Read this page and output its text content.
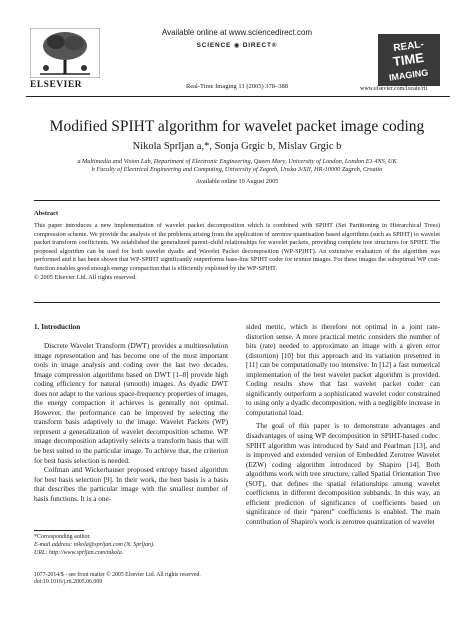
ELSEVIER
Available online at www.sciencedirect.com
SCIENCE ◉ DIRECT®
Real-Time Imaging 11 (2005) 378–388
REAL-
TIME
IMAGING
www.elsevier.com/locate/rti
Modified SPIHT algorithm for wavelet packet image coding
Nikola Sprljan a,*, Sonja Grgic b, Mislav Grgic b
a Multimedia and Vision Lab, Department of Electronic Engineering, Queen Mary, University of London, London E1 4NS, UK
b Faculty of Electrical Engineering and Computing, University of Zagreb, Unska 3/XII, HR-10000 Zagreb, Croatia
Available online 10 August 2005
Abstract
This paper introduces a new implementation of wavelet packet decomposition which is combined with SPIHT (Set Partitioning in Hierarchical Trees) compression scheme. We provide the analysis of the problems arising from the application of zerotree quantisation based algorithms (such as SPIHT) to wavelet packet transform coefficients. We established the generalized parent–child relationships for wavelet packets, providing complete tree structures for SPIHT. The proposed algorithm can be used for both wavelet dyadic and Wavelet Packet decomposition (WP-SPIHT). An extensive evaluation of the algorithm was performed and it has been shown that WP-SPIHT significantly outperforms base-line SPIHT coder for texture images. For these images the suboptimal WP cost-function enables good enough energy compaction that is efficiently exploited by the WP-SPIHT.
© 2005 Elsevier Ltd. All rights reserved.
1. Introduction

Discrete Wavelet Transform (DWT) provides a multiresolution image representation and has become one of the most important tools in image analysis and coding over the last two decades. Image compression algorithms based on DWT [1–8] provide high coding efficiency for natural (smooth) images. As dyadic DWT does not adapt to the various space-frequency properties of images, the energy compaction it achieves is generally not optimal. However, the performance can be improved by selecting the transform basis adaptively to the image. Wavelet Packets (WP) represent a generalization of wavelet decomposition scheme. WP image decomposition adaptively selects a transform basis that will be best suited to the particular image. To achieve that, the criterion for best basis selection is needed.

Coifman and Wickerhauser proposed entropy based algorithm for best basis selection [9]. In their work, the best basis is a basis that describes the particular image with the smallest number of basis functions. It is a one-

*Corresponding author.
E-mail address: nikola@sprljan.com (N. Sprljan).
URL: http://www.sprljan.com/nikola.
1077-2014/$ - see front matter © 2005 Elsevier Ltd. All rights reserved.
doi:10.1016/j.rti.2005.06.009

sided metric, which is therefore not optimal in a joint rate-distortion sense. A more practical metric considers the number of bits (rate) needed to approximate an image with a given error (distortion) [10] but this approach and its variation presented in [11] can be computationally too intensive. In [12] a fast numerical implementation of the best wavelet packet algorithm is provided. Coding results show that fast wavelet packet coder can significantly outperform a sophisticated wavelet coder constrained to using only a dyadic decomposition, with a negligible increase in computational load.

The goal of this paper is to demonstrate advantages and disadvantages of using WP decomposition in SPIHT-based codec. SPIHT algorithm was introduced by Said and Pearlman [13], and is improved and extended version of Embedded Zerotree Wavelet (EZW) coding algorithm introduced by Shapiro [14]. Both algorithms work with tree structure, called Spatial Orientation Tree (SOT), that defines the spatial relationships among wavelet coefficients in different decomposition subbands. In this way, an efficient prediction of significance of coefficients based on significance of their “parent” coefficients is enabled. The main contribution of Shapiro's work is zerotree quantization of wavelet
